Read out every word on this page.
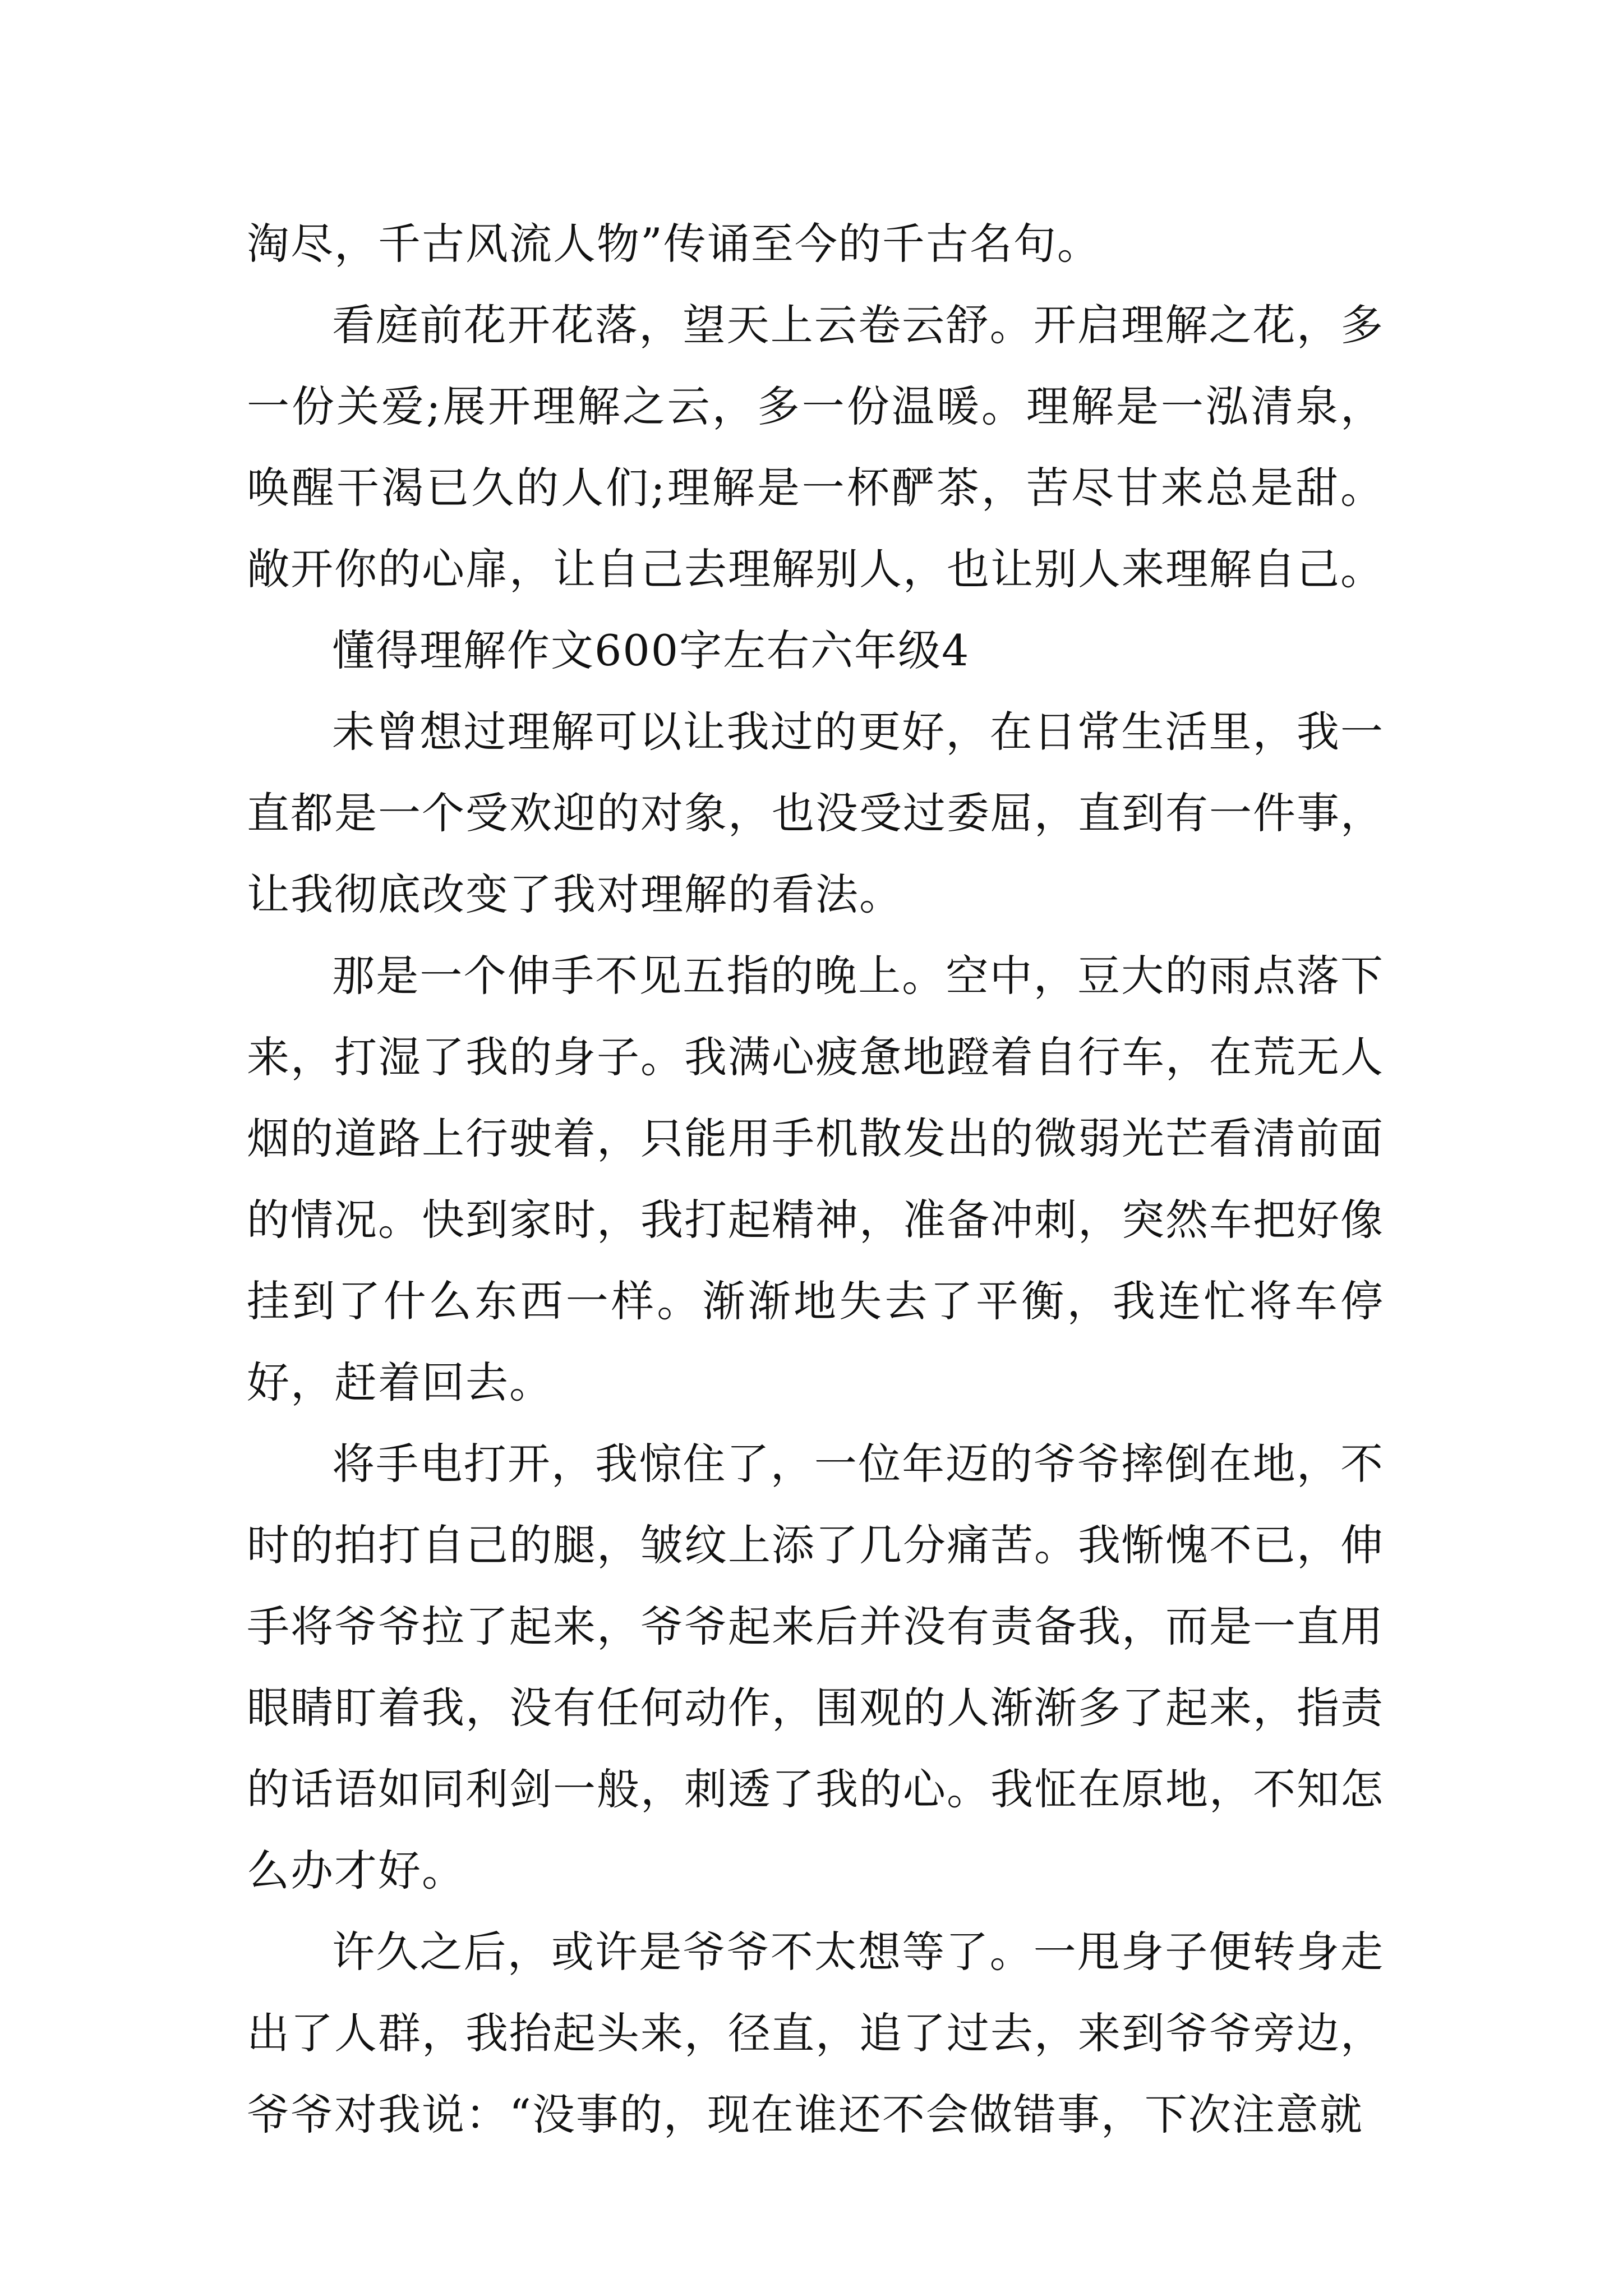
淘尽，千古风流人物”传诵至今的千古名句。

看庭前花开花落，望天上云卷云舒。开启理解之花，多一份关爱;展开理解之云，多一份温暖。理解是一泓清泉，唤醒干渴已久的人们;理解是一杯酽茶，苦尽甘来总是甜。敞开你的心扉，让自己去理解别人，也让别人来理解自己。

懂得理解作文600字左右六年级4

未曾想过理解可以让我过的更好，在日常生活里，我一直都是一个受欢迎的对象，也没受过委屈，直到有一件事，让我彻底改变了我对理解的看法。

那是一个伸手不见五指的晚上。空中，豆大的雨点落下来，打湿了我的身子。我满心疲惫地蹬着自行车，在荒无人烟的道路上行驶着，只能用手机散发出的微弱光芒看清前面的情况。快到家时，我打起精神，准备冲刺，突然车把好像挂到了什么东西一样。渐渐地失去了平衡，我连忙将车停好，赶着回去。

将手电打开，我惊住了，一位年迈的爷爷摔倒在地，不时的拍打自己的腿，皱纹上添了几分痛苦。我惭愧不已，伸手将爷爷拉了起来，爷爷起来后并没有责备我，而是一直用眼睛盯着我，没有任何动作，围观的人渐渐多了起来，指责的话语如同利剑一般，刺透了我的心。我怔在原地，不知怎么办才好。

许久之后，或许是爷爷不太想等了。一甩身子便转身走出了人群，我抬起头来，径直，追了过去，来到爷爷旁边，爷爷对我说：“没事的，现在谁还不会做错事，下次注意就
